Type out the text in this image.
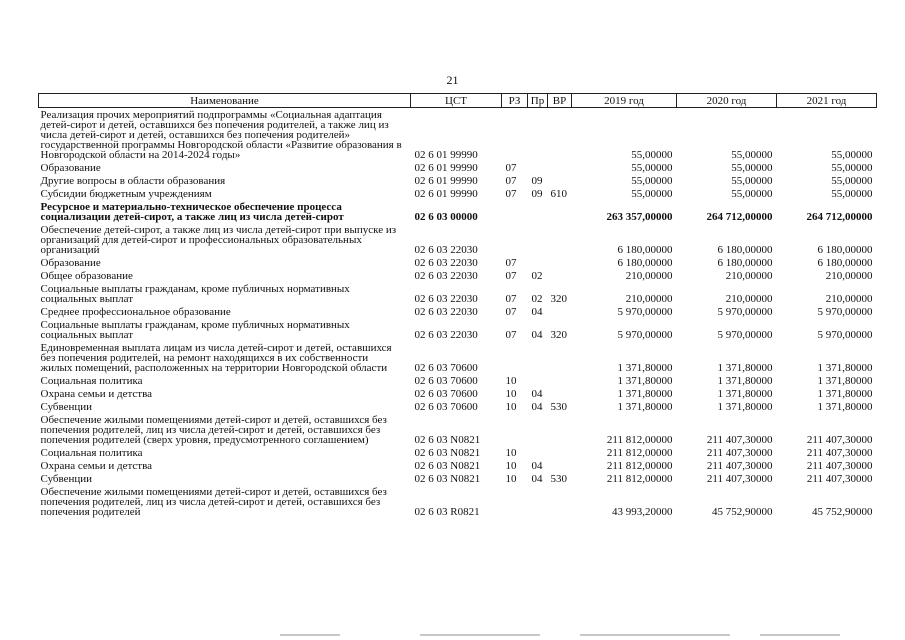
21
Наименование	ЦСТ	РЗ	Пр	ВР	2019 год	2020 год	2021 год
Реализация прочих мероприятий подпрограммы «Социальная адаптация детей-сирот и детей, оставшихся без попечения родителей, а также лиц из числа детей-сирот и детей, оставшихся без попечения родителей» государственной программы Новгородской области «Развитие образования в Новгородской области на 2014-2024 годы»	02 6 01 99990				55,00000	55,00000	55,00000
Образование	02 6 01 99990	07			55,00000	55,00000	55,00000
Другие вопросы в области образования	02 6 01 99990	07	09		55,00000	55,00000	55,00000
Субсидии бюджетным учреждениям	02 6 01 99990	07	09	610	55,00000	55,00000	55,00000
Ресурсное и материально-техническое обеспечение процесса социализации детей-сирот, а также лиц из числа детей-сирот	02 6 03 00000				263 357,00000	264 712,00000	264 712,00000
Обеспечение детей-сирот, а также лиц из числа детей-сирот при выпуске из организаций для детей-сирот и профессиональных образовательных организаций	02 6 03 22030				6 180,00000	6 180,00000	6 180,00000
Образование	02 6 03 22030	07			6 180,00000	6 180,00000	6 180,00000
Общее образование	02 6 03 22030	07	02		210,00000	210,00000	210,00000
Социальные выплаты гражданам, кроме публичных нормативных социальных выплат	02 6 03 22030	07	02	320	210,00000	210,00000	210,00000
Среднее профессиональное образование	02 6 03 22030	07	04		5 970,00000	5 970,00000	5 970,00000
Социальные выплаты гражданам, кроме публичных нормативных социальных выплат	02 6 03 22030	07	04	320	5 970,00000	5 970,00000	5 970,00000
Единовременная выплата лицам из числа детей-сирот и детей, оставшихся без попечения родителей, на ремонт находящихся в их собственности жилых помещений, расположенных на территории Новгородской области	02 6 03 70600				1 371,80000	1 371,80000	1 371,80000
Социальная политика	02 6 03 70600	10			1 371,80000	1 371,80000	1 371,80000
Охрана семьи и детства	02 6 03 70600	10	04		1 371,80000	1 371,80000	1 371,80000
Субвенции	02 6 03 70600	10	04	530	1 371,80000	1 371,80000	1 371,80000
Обеспечение жилыми помещениями детей-сирот и детей, оставшихся без попечения родителей, лиц из числа детей-сирот и детей, оставшихся без попечения родителей (сверх уровня, предусмотренного соглашением)	02 6 03 N0821				211 812,00000	211 407,30000	211 407,30000
Социальная политика	02 6 03 N0821	10			211 812,00000	211 407,30000	211 407,30000
Охрана семьи и детства	02 6 03 N0821	10	04		211 812,00000	211 407,30000	211 407,30000
Субвенции	02 6 03 N0821	10	04	530	211 812,00000	211 407,30000	211 407,30000
Обеспечение жилыми помещениями детей-сирот и детей, оставшихся без попечения родителей, лиц из числа детей-сирот и детей, оставшихся без попечения родителей	02 6 03 R0821				43 993,20000	45 752,90000	45 752,90000
